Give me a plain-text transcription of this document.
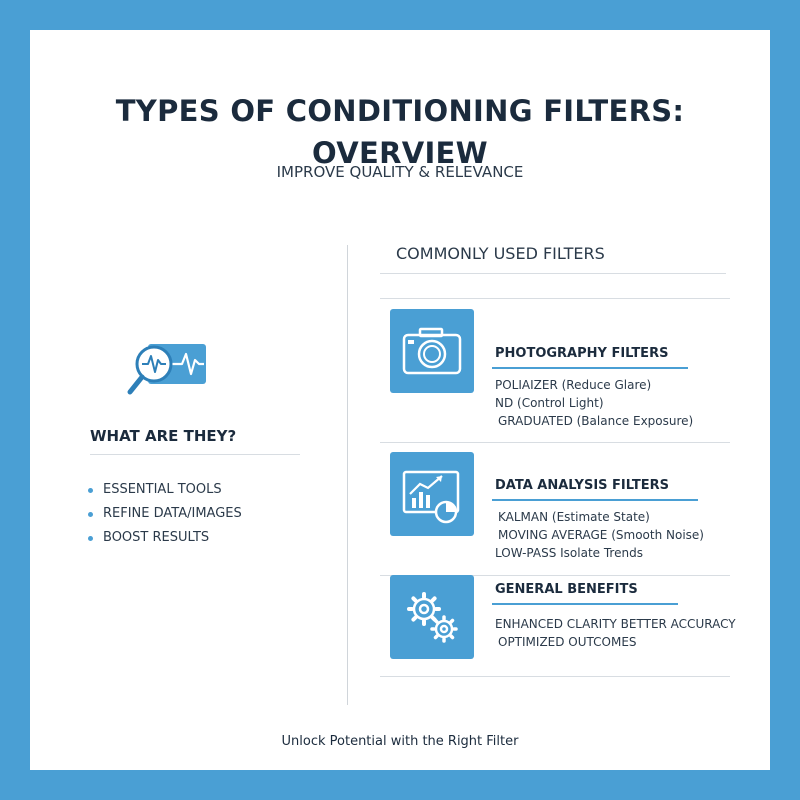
TYPES OF CONDITIONING FILTERS:
OVERVIEW
IMPROVE QUALITY & RELEVANCE
WHAT ARE THEY?
ESSENTIAL TOOLS
REFINE DATA/IMAGES
BOOST RESULTS
COMMONLY USED FILTERS
PHOTOGRAPHY FILTERS
POLIAIZER (Reduce Glare)
ND (Control Light)
GRADUATED (Balance Exposure)
DATA ANALYSIS FILTERS
KALMAN (Estimate State)
MOVING AVERAGE (Smooth Noise)
LOW-PASS Isolate Trends
GENERAL BENEFITS
ENHANCED CLARITY BETTER ACCURACY
OPTIMIZED OUTCOMES
Unlock Potential with the Right Filter
